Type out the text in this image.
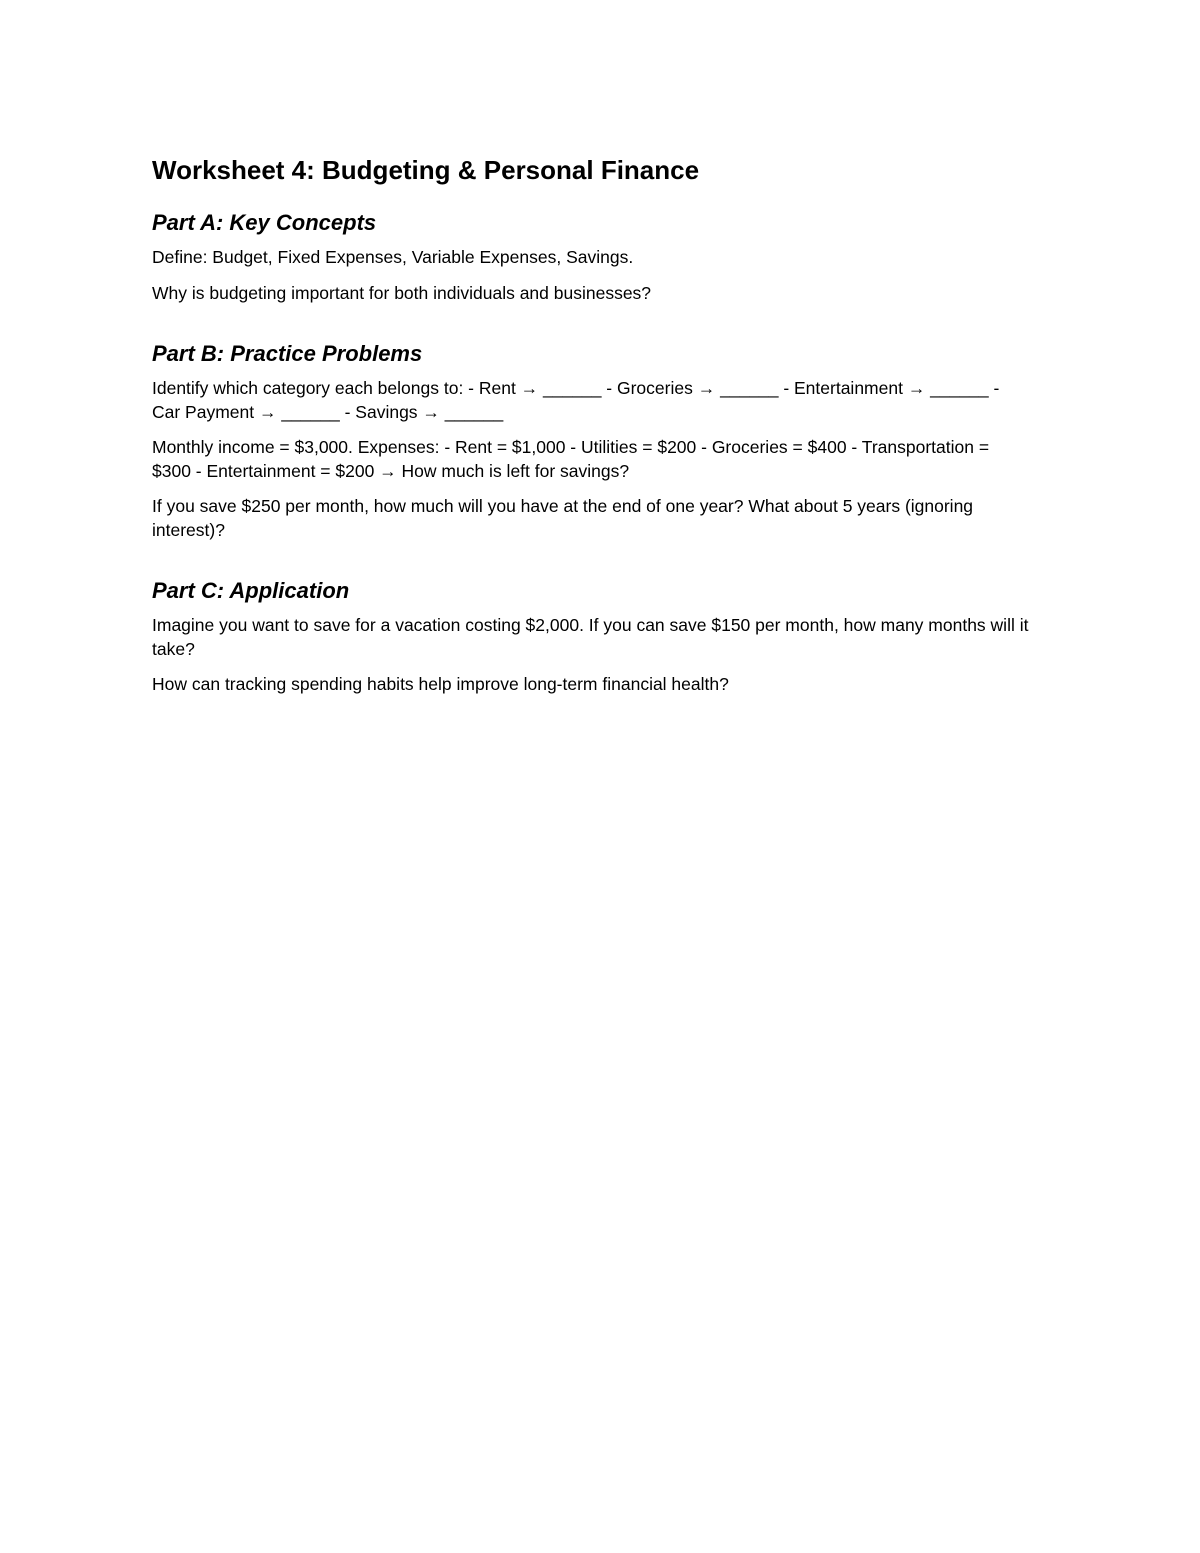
Worksheet 4: Budgeting & Personal Finance
Part A: Key Concepts

Define: Budget, Fixed Expenses, Variable Expenses, Savings.

Why is budgeting important for both individuals and businesses?

Part B: Practice Problems

Identify which category each belongs to: - Rent → ______ - Groceries → ______ - Entertainment → ______ - Car Payment → ______ - Savings → ______

Monthly income = $3,000. Expenses: - Rent = $1,000 - Utilities = $200 - Groceries = $400 - Transportation = $300 - Entertainment = $200 → How much is left for savings?

If you save $250 per month, how much will you have at the end of one year? What about 5 years (ignoring interest)?

Part C: Application

Imagine you want to save for a vacation costing $2,000. If you can save $150 per month, how many months will it take?

How can tracking spending habits help improve long-term financial health?
